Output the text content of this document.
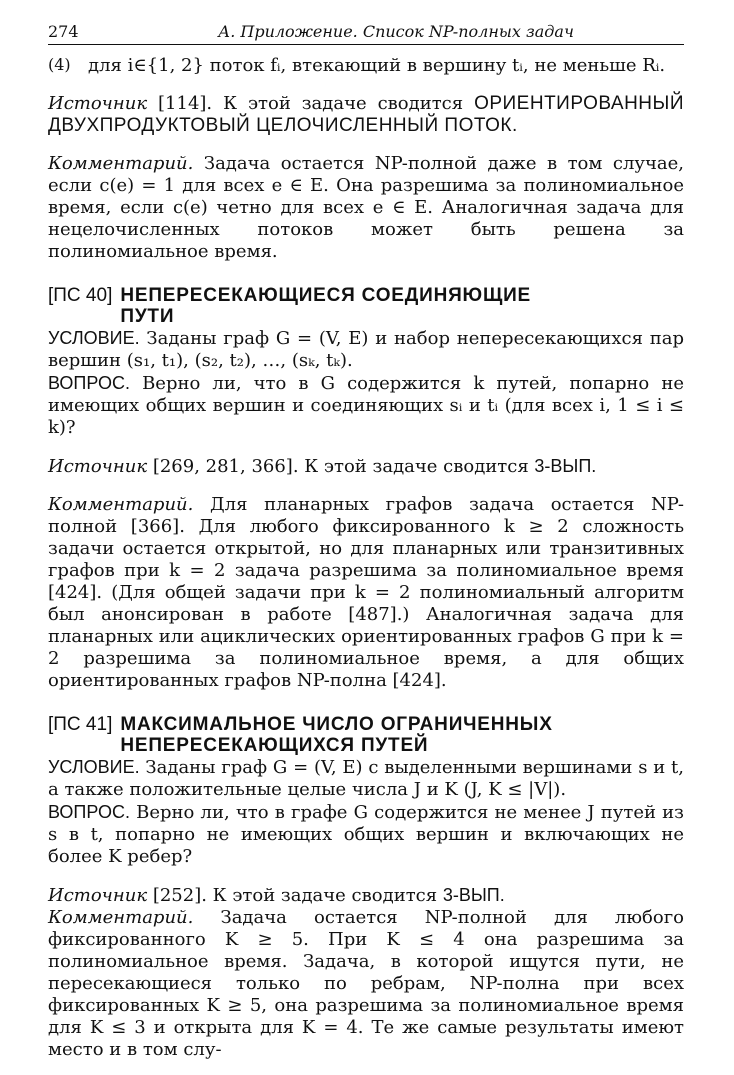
274	А. Приложение. Список NP-полных задач
(4) для i∈{1, 2} поток fᵢ, втекающий в вершину tᵢ, не меньше Rᵢ.

Источник [114]. К этой задаче сводится ОРИЕНТИРОВАННЫЙ ДВУХПРОДУКТОВЫЙ ЦЕЛОЧИСЛЕННЫЙ ПОТОК.

Комментарий. Задача остается NP-полной даже в том случае, если c(e) = 1 для всех e ∈ E. Она разрешима за полиномиальное время, если c(e) четно для всех e ∈ E. Аналогичная задача для нецелочисленных потоков может быть решена за полиномиальное время.

[ПС 40] НЕПЕРЕСЕКАЮЩИЕСЯ СОЕДИНЯЮЩИЕ ПУТИ

УСЛОВИЕ. Заданы граф G = (V, E) и набор непересекающихся пар вершин (s₁, t₁), (s₂, t₂), …, (sₖ, tₖ).

ВОПРОС. Верно ли, что в G содержится k путей, попарно не имеющих общих вершин и соединяющих sᵢ и tᵢ (для всех i, 1 ≤ i ≤ k)?

Источник [269, 281, 366]. К этой задаче сводится 3-ВЫП.

Комментарий. Для планарных графов задача остается NP-полной [366]. Для любого фиксированного k ≥ 2 сложность задачи остается открытой, но для планарных или транзитивных графов при k = 2 задача разрешима за полиномиальное время [424]. (Для общей задачи при k = 2 полиномиальный алгоритм был анонсирован в работе [487].) Аналогичная задача для планарных или ациклических ориентированных графов G при k = 2 разрешима за полиномиальное время, а для общих ориентированных графов NP-полна [424].

[ПС 41] МАКСИМАЛЬНОЕ ЧИСЛО ОГРАНИЧЕННЫХ НЕПЕРЕСЕКАЮЩИХСЯ ПУТЕЙ

УСЛОВИЕ. Заданы граф G = (V, E) с выделенными вершинами s и t, а также положительные целые числа J и K (J, K ≤ |V|).

ВОПРОС. Верно ли, что в графе G содержится не менее J путей из s в t, попарно не имеющих общих вершин и включающих не более K ребер?

Источник [252]. К этой задаче сводится 3-ВЫП.

Комментарий. Задача остается NP-полной для любого фиксированного K ≥ 5. При K ≤ 4 она разрешима за полиномиальное время. Задача, в которой ищутся пути, не пересекающиеся только по ребрам, NP-полна при всех фиксированных K ≥ 5, она разрешима за полиномиальное время для K ≤ 3 и открыта для K = 4. Те же самые результаты имеют место и в том слу-
